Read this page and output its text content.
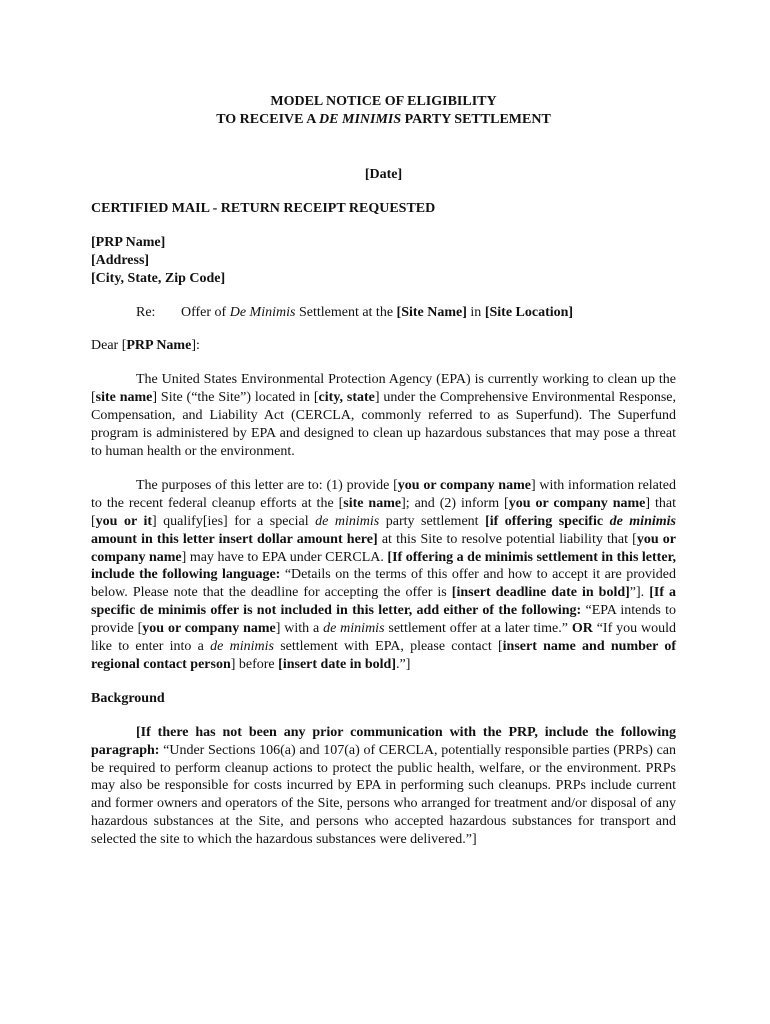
MODEL NOTICE OF ELIGIBILITY
TO RECEIVE A DE MINIMIS PARTY SETTLEMENT
[Date]
CERTIFIED MAIL - RETURN RECEIPT REQUESTED
[PRP Name]
[Address]
[City, State, Zip Code]
Re:	Offer of De Minimis Settlement at the [Site Name] in [Site Location]
Dear [PRP Name]:

The United States Environmental Protection Agency (EPA) is currently working to clean up the [site name] Site (“the Site”) located in [city, state] under the Comprehensive Environmental Response, Compensation, and Liability Act (CERCLA, commonly referred to as Superfund). The Superfund program is administered by EPA and designed to clean up hazardous substances that may pose a threat to human health or the environment.

The purposes of this letter are to: (1) provide [you or company name] with information related to the recent federal cleanup efforts at the [site name]; and (2) inform [you or company name] that [you or it] qualify[ies] for a special de minimis party settlement [if offering specific de minimis amount in this letter insert dollar amount here] at this Site to resolve potential liability that [you or company name] may have to EPA under CERCLA. [If offering a de minimis settlement in this letter, include the following language: “Details on the terms of this offer and how to accept it are provided below. Please note that the deadline for accepting the offer is [insert deadline date in bold]”]. [If a specific de minimis offer is not included in this letter, add either of the following: “EPA intends to provide [you or company name] with a de minimis settlement offer at a later time.” OR “If you would like to enter into a de minimis settlement with EPA, please contact [insert name and number of regional contact person] before [insert date in bold].”]

Background

[If there has not been any prior communication with the PRP, include the following paragraph: “Under Sections 106(a) and 107(a) of CERCLA, potentially responsible parties (PRPs) can be required to perform cleanup actions to protect the public health, welfare, or the environment. PRPs may also be responsible for costs incurred by EPA in performing such cleanups. PRPs include current and former owners and operators of the Site, persons who arranged for treatment and/or disposal of any hazardous substances at the Site, and persons who accepted hazardous substances for transport and selected the site to which the hazardous substances were delivered.”]
